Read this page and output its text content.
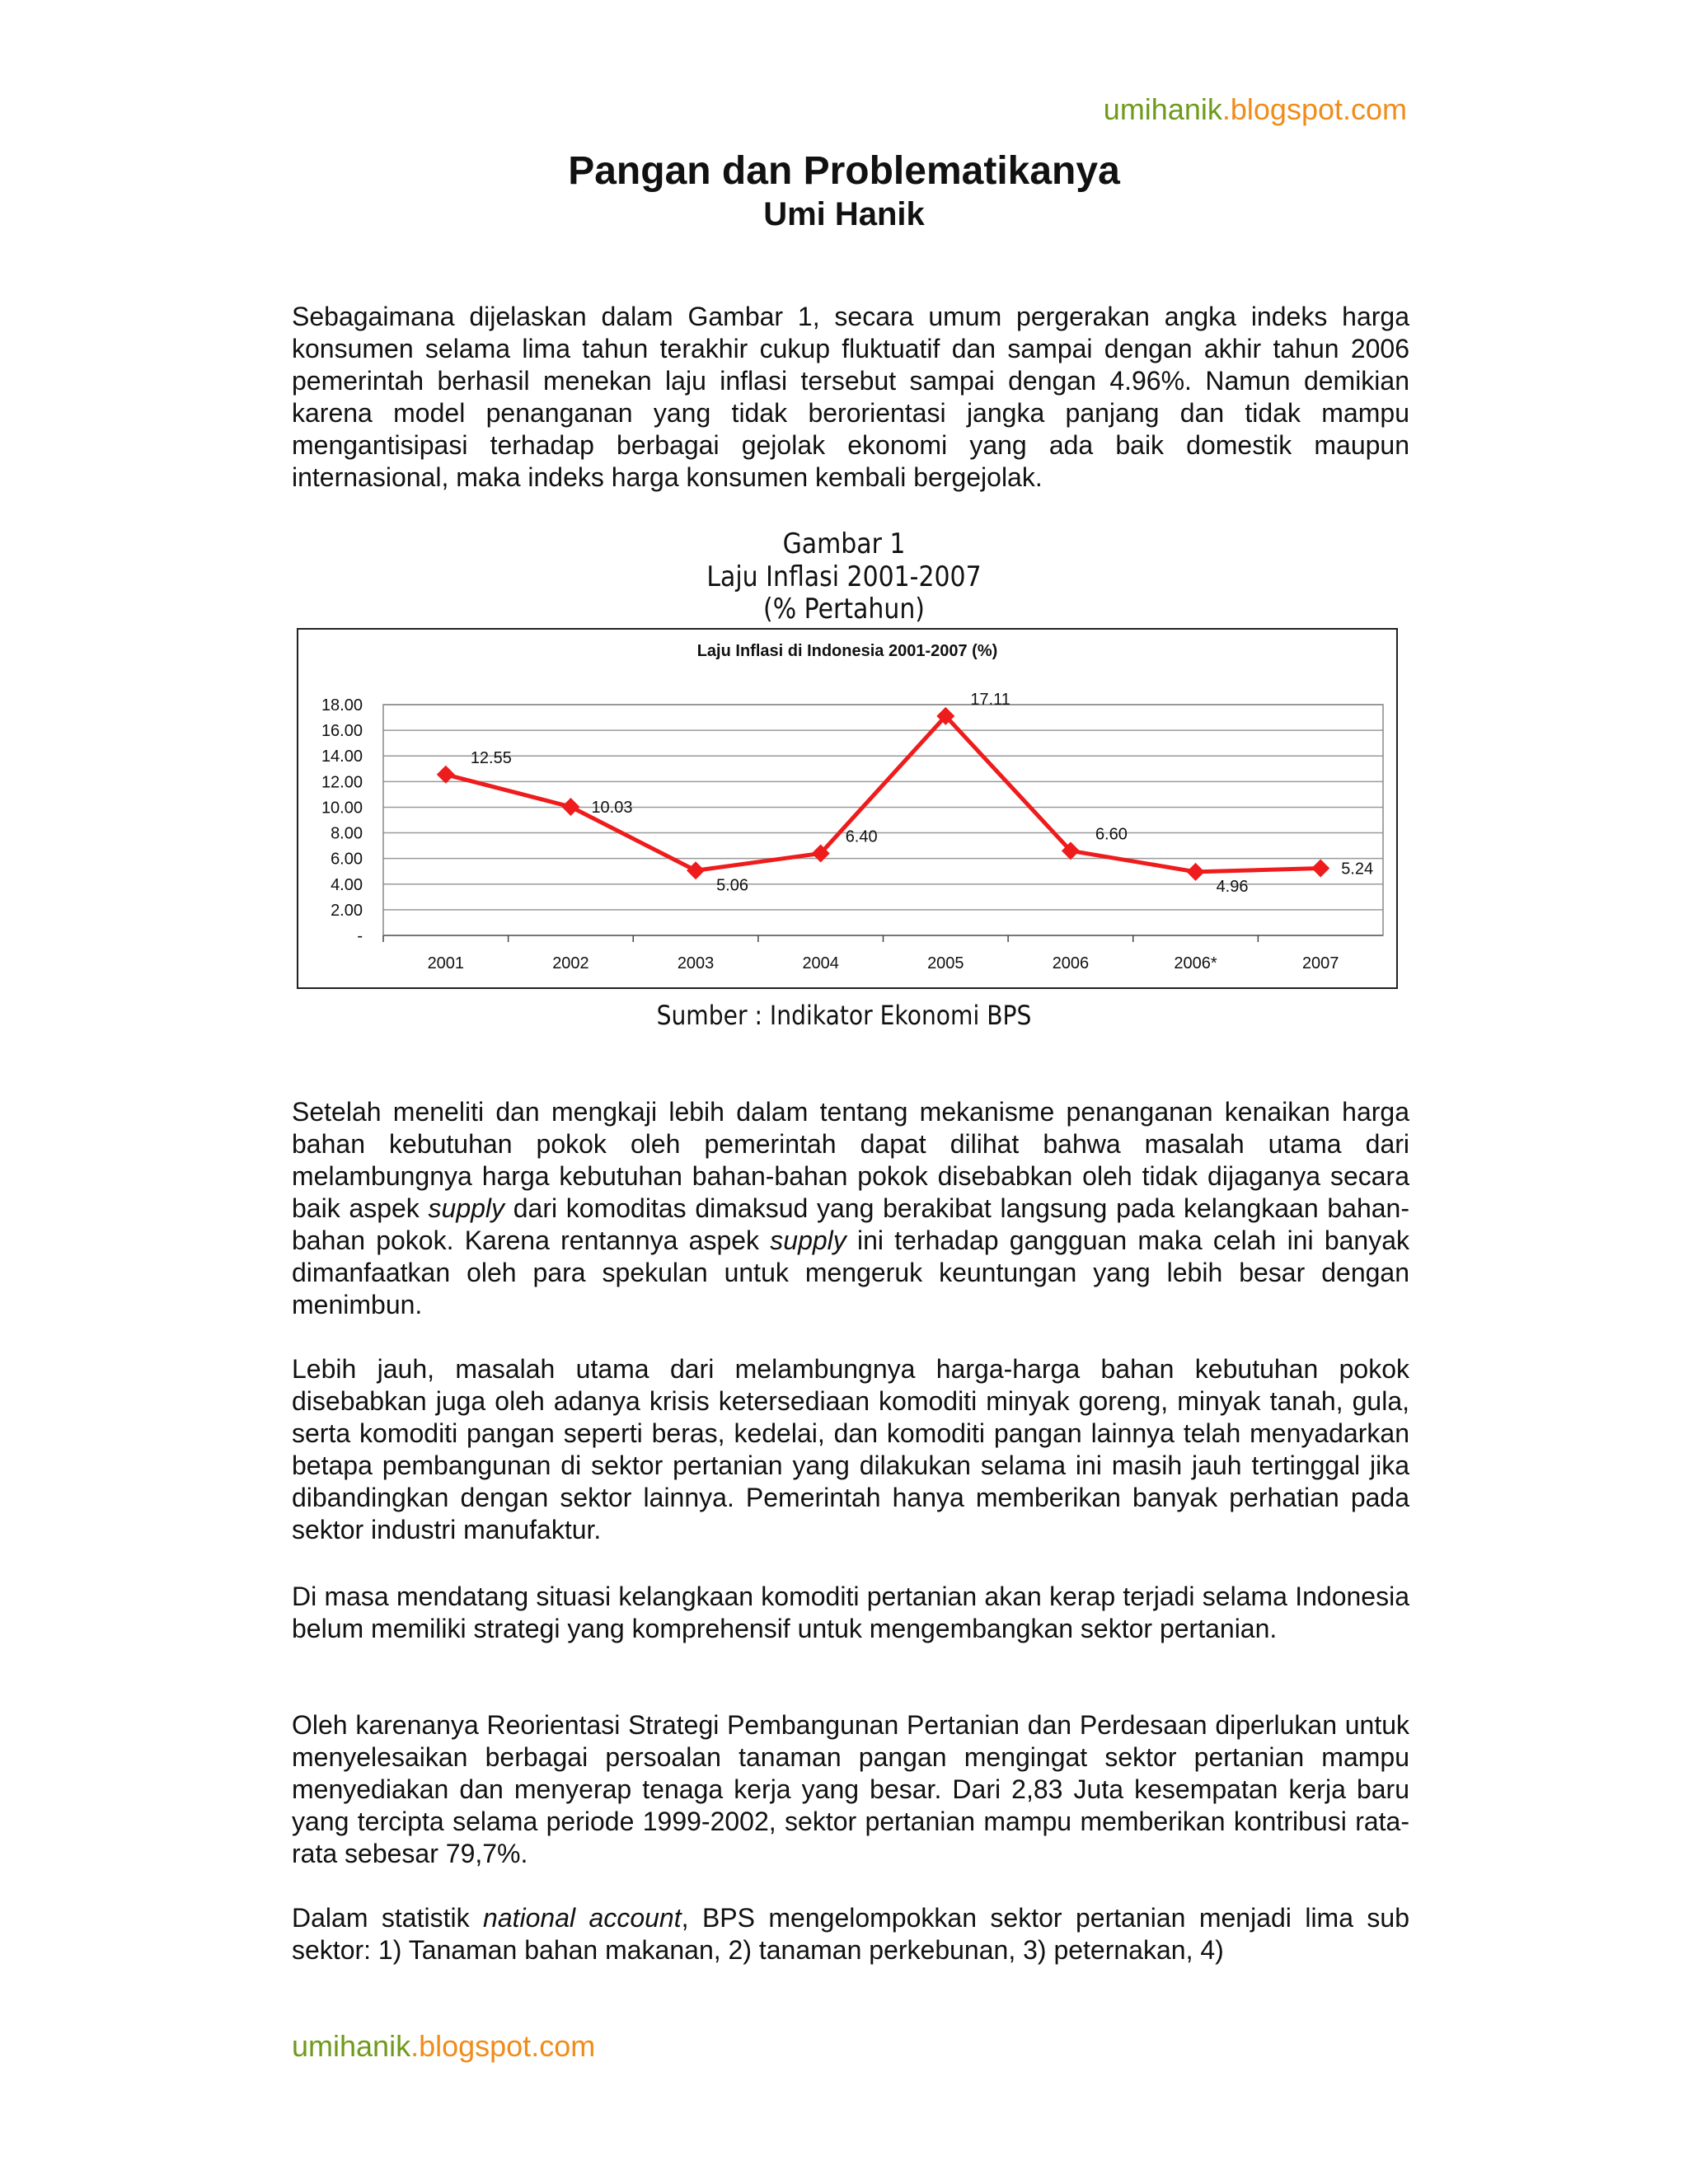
umihanik.blogspot.com
Pangan dan Problematikanya
Umi Hanik

Sebagaimana dijelaskan dalam Gambar 1, secara umum pergerakan angka indeks harga konsumen selama lima tahun terakhir cukup fluktuatif dan sampai dengan akhir tahun 2006 pemerintah berhasil menekan laju inflasi tersebut sampai dengan 4.96%. Namun demikian karena model penanganan yang tidak berorientasi jangka panjang dan tidak mampu mengantisipasi terhadap berbagai gejolak ekonomi yang ada baik domestik maupun internasional, maka indeks harga konsumen kembali bergejolak.

Gambar 1
Laju Inflasi 2001-2007
(% Pertahun)
Laju Inflasi di Indonesia 2001-2007 (%)
-
2.00
4.00
6.00
8.00
10.00
12.00
14.00
16.00
18.00
2001	2002	2003	2004	2005	2006	2006*	2007
12.55
10.03
5.06
6.40
17.11
6.60
4.96
5.24
Sumber : Indikator Ekonomi BPS

Setelah meneliti dan mengkaji lebih dalam tentang mekanisme penanganan kenaikan harga bahan kebutuhan pokok oleh pemerintah dapat dilihat bahwa masalah utama dari melambungnya harga kebutuhan bahan-bahan pokok disebabkan oleh tidak dijaganya secara baik aspek supply dari komoditas dimaksud yang berakibat langsung pada kelangkaan bahan-bahan pokok. Karena rentannya aspek supply ini terhadap gangguan maka celah ini banyak dimanfaatkan oleh para spekulan untuk mengeruk keuntungan yang lebih besar dengan menimbun.

Lebih jauh, masalah utama dari melambungnya harga-harga bahan kebutuhan pokok disebabkan juga oleh adanya krisis ketersediaan komoditi minyak goreng, minyak tanah, gula, serta komoditi pangan seperti beras, kedelai, dan komoditi pangan lainnya telah menyadarkan betapa pembangunan di sektor pertanian yang dilakukan selama ini masih jauh tertinggal jika dibandingkan dengan sektor lainnya. Pemerintah hanya memberikan banyak perhatian pada sektor industri manufaktur.

Di masa mendatang situasi kelangkaan komoditi pertanian akan kerap terjadi selama Indonesia belum memiliki strategi yang komprehensif untuk mengembangkan sektor pertanian.

Oleh karenanya Reorientasi Strategi Pembangunan Pertanian dan Perdesaan diperlukan untuk menyelesaikan berbagai persoalan tanaman pangan mengingat sektor pertanian mampu menyediakan dan menyerap tenaga kerja yang besar. Dari 2,83 Juta kesempatan kerja baru yang tercipta selama periode 1999-2002, sektor pertanian mampu memberikan kontribusi rata-rata sebesar 79,7%.

Dalam statistik national account, BPS mengelompokkan sektor pertanian menjadi lima sub sektor: 1) Tanaman bahan makanan, 2) tanaman perkebunan, 3) peternakan, 4)

umihanik.blogspot.com
